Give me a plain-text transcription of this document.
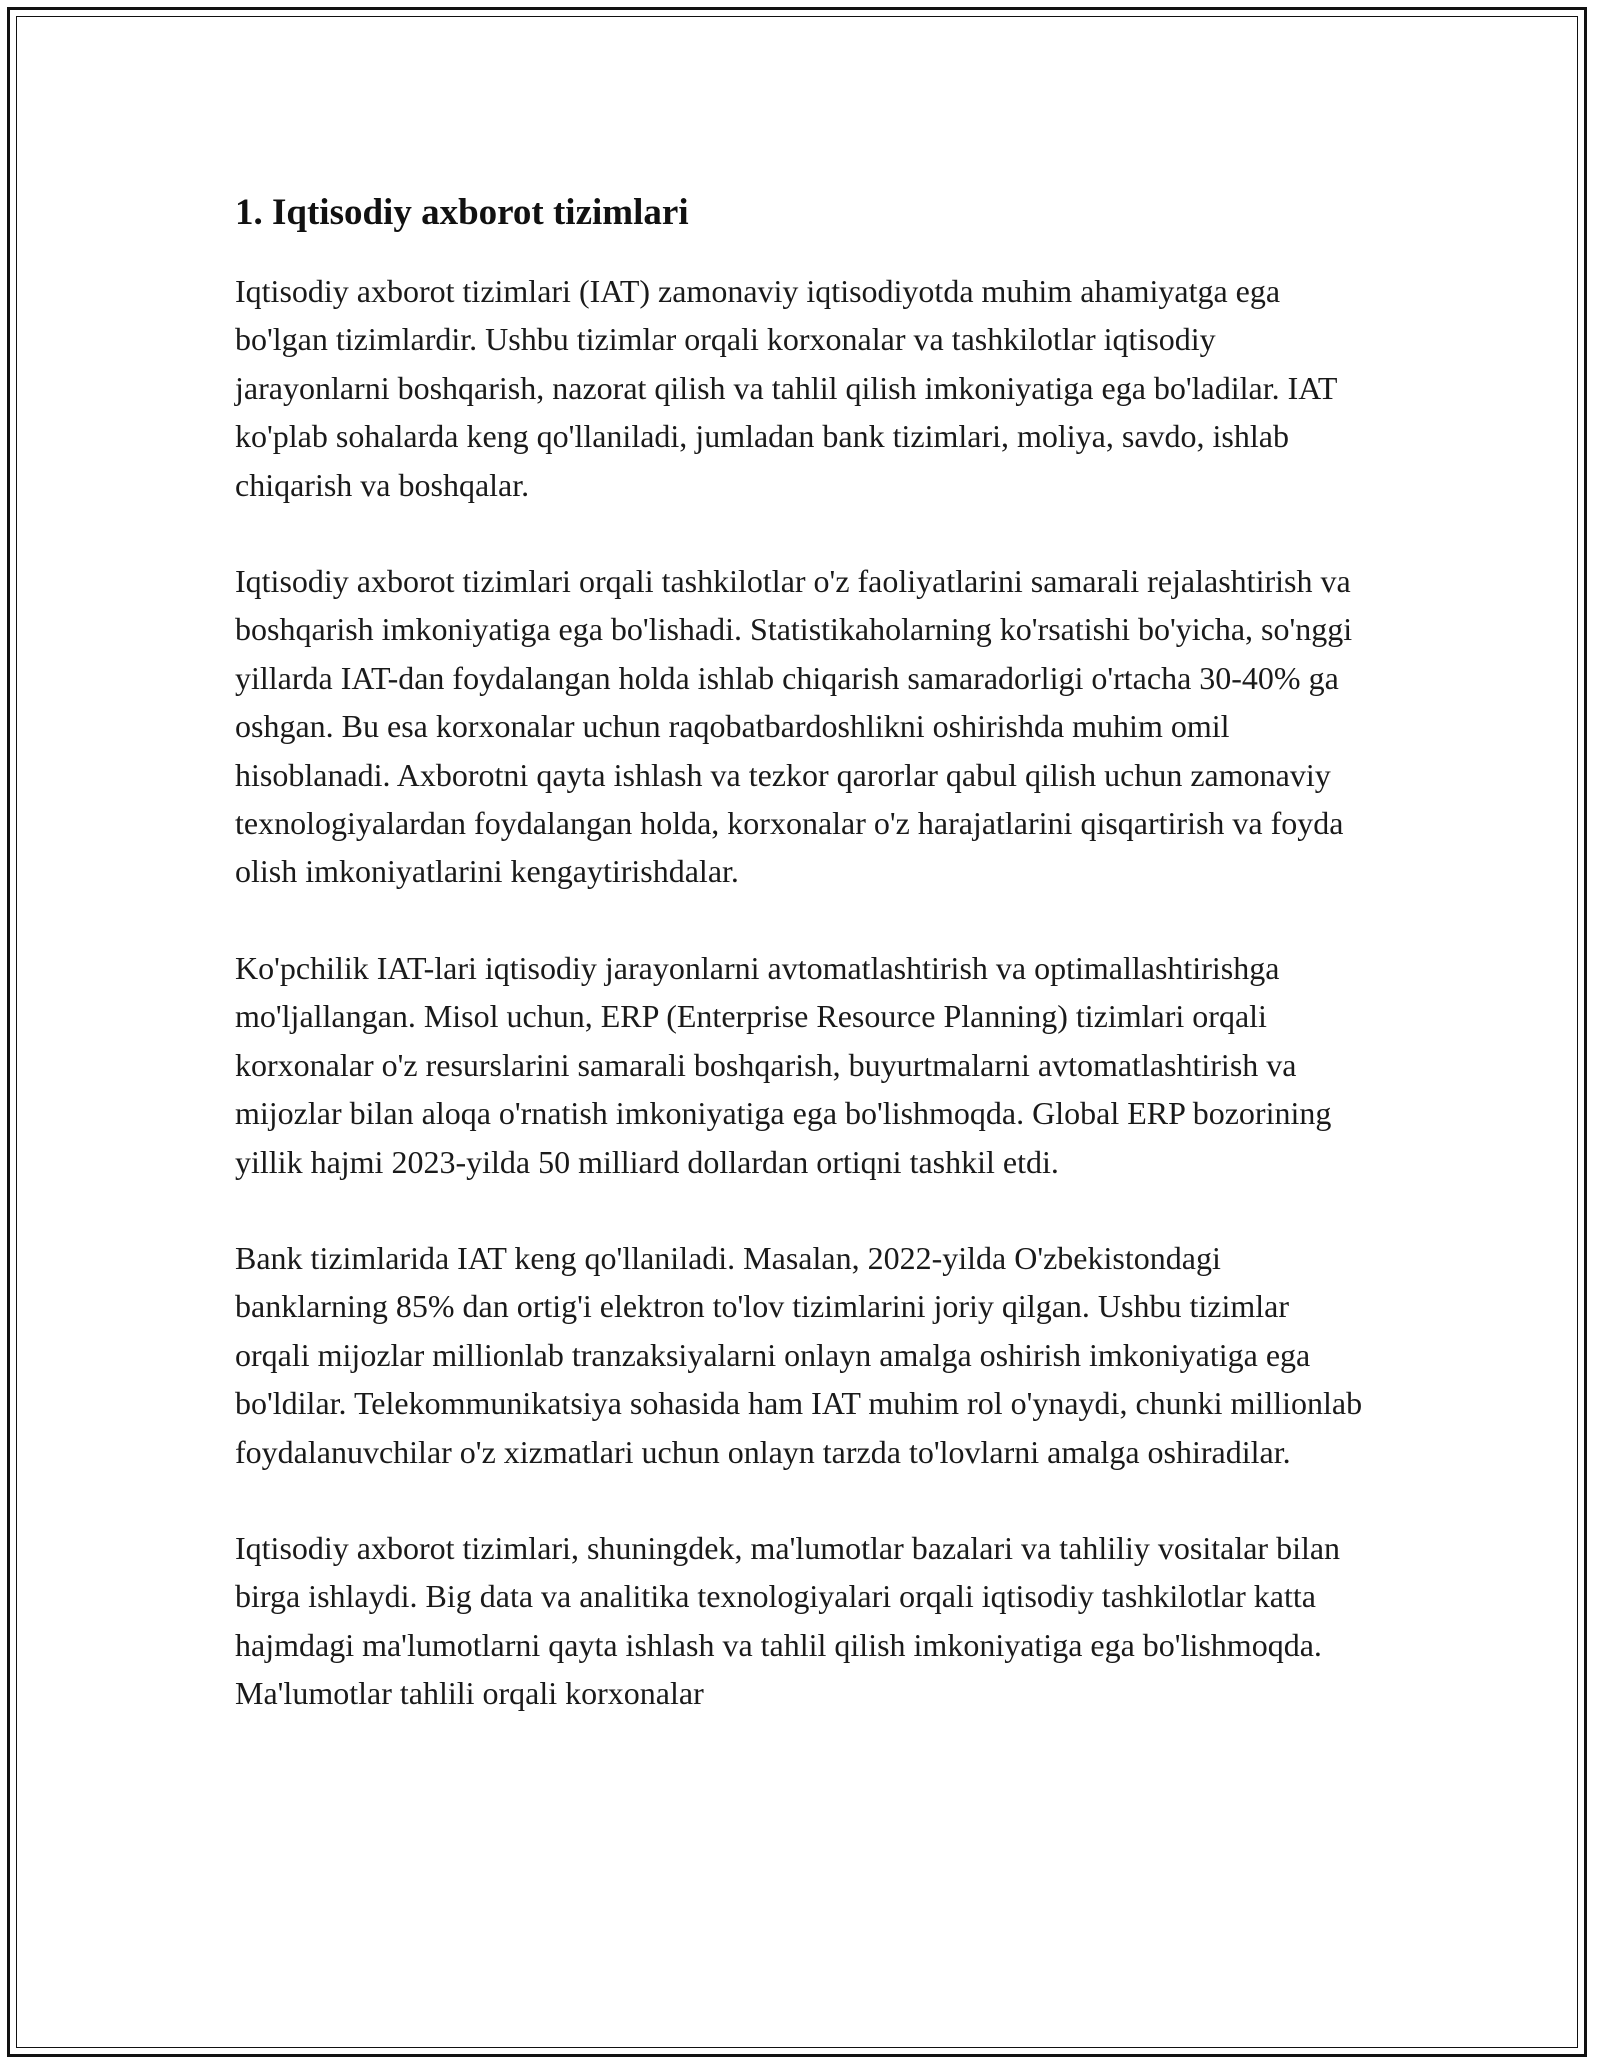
1. Iqtisodiy axborot tizimlari

Iqtisodiy axborot tizimlari (IAT) zamonaviy iqtisodiyotda muhim ahamiyatga ega bo'lgan tizimlardir. Ushbu tizimlar orqali korxonalar va tashkilotlar iqtisodiy jarayonlarni boshqarish, nazorat qilish va tahlil qilish imkoniyatiga ega bo'ladilar. IAT ko'plab sohalarda keng qo'llaniladi, jumladan bank tizimlari, moliya, savdo, ishlab chiqarish va boshqalar.

Iqtisodiy axborot tizimlari orqali tashkilotlar o'z faoliyatlarini samarali rejalashtirish va boshqarish imkoniyatiga ega bo'lishadi. Statistikaholarning ko'rsatishi bo'yicha, so'nggi yillarda IAT-dan foydalangan holda ishlab chiqarish samaradorligi o'rtacha 30-40% ga oshgan. Bu esa korxonalar uchun raqobatbardoshlikni oshirishda muhim omil hisoblanadi. Axborotni qayta ishlash va tezkor qarorlar qabul qilish uchun zamonaviy texnologiyalardan foydalangan holda, korxonalar o'z harajatlarini qisqartirish va foyda olish imkoniyatlarini kengaytirishdalar.

Ko'pchilik IAT-lari iqtisodiy jarayonlarni avtomatlashtirish va optimallashtirishga mo'ljallangan. Misol uchun, ERP (Enterprise Resource Planning) tizimlari orqali korxonalar o'z resurslarini samarali boshqarish, buyurtmalarni avtomatlashtirish va mijozlar bilan aloqa o'rnatish imkoniyatiga ega bo'lishmoqda. Global ERP bozorining yillik hajmi 2023-yilda 50 milliard dollardan ortiqni tashkil etdi.

Bank tizimlarida IAT keng qo'llaniladi. Masalan, 2022-yilda O'zbekistondagi banklarning 85% dan ortig'i elektron to'lov tizimlarini joriy qilgan. Ushbu tizimlar orqali mijozlar millionlab tranzaksiyalarni onlayn amalga oshirish imkoniyatiga ega bo'ldilar. Telekommunikatsiya sohasida ham IAT muhim rol o'ynaydi, chunki millionlab foydalanuvchilar o'z xizmatlari uchun onlayn tarzda to'lovlarni amalga oshiradilar.

Iqtisodiy axborot tizimlari, shuningdek, ma'lumotlar bazalari va tahliliy vositalar bilan birga ishlaydi. Big data va analitika texnologiyalari orqali iqtisodiy tashkilotlar katta hajmdagi ma'lumotlarni qayta ishlash va tahlil qilish imkoniyatiga ega bo'lishmoqda. Ma'lumotlar tahlili orqali korxonalar
